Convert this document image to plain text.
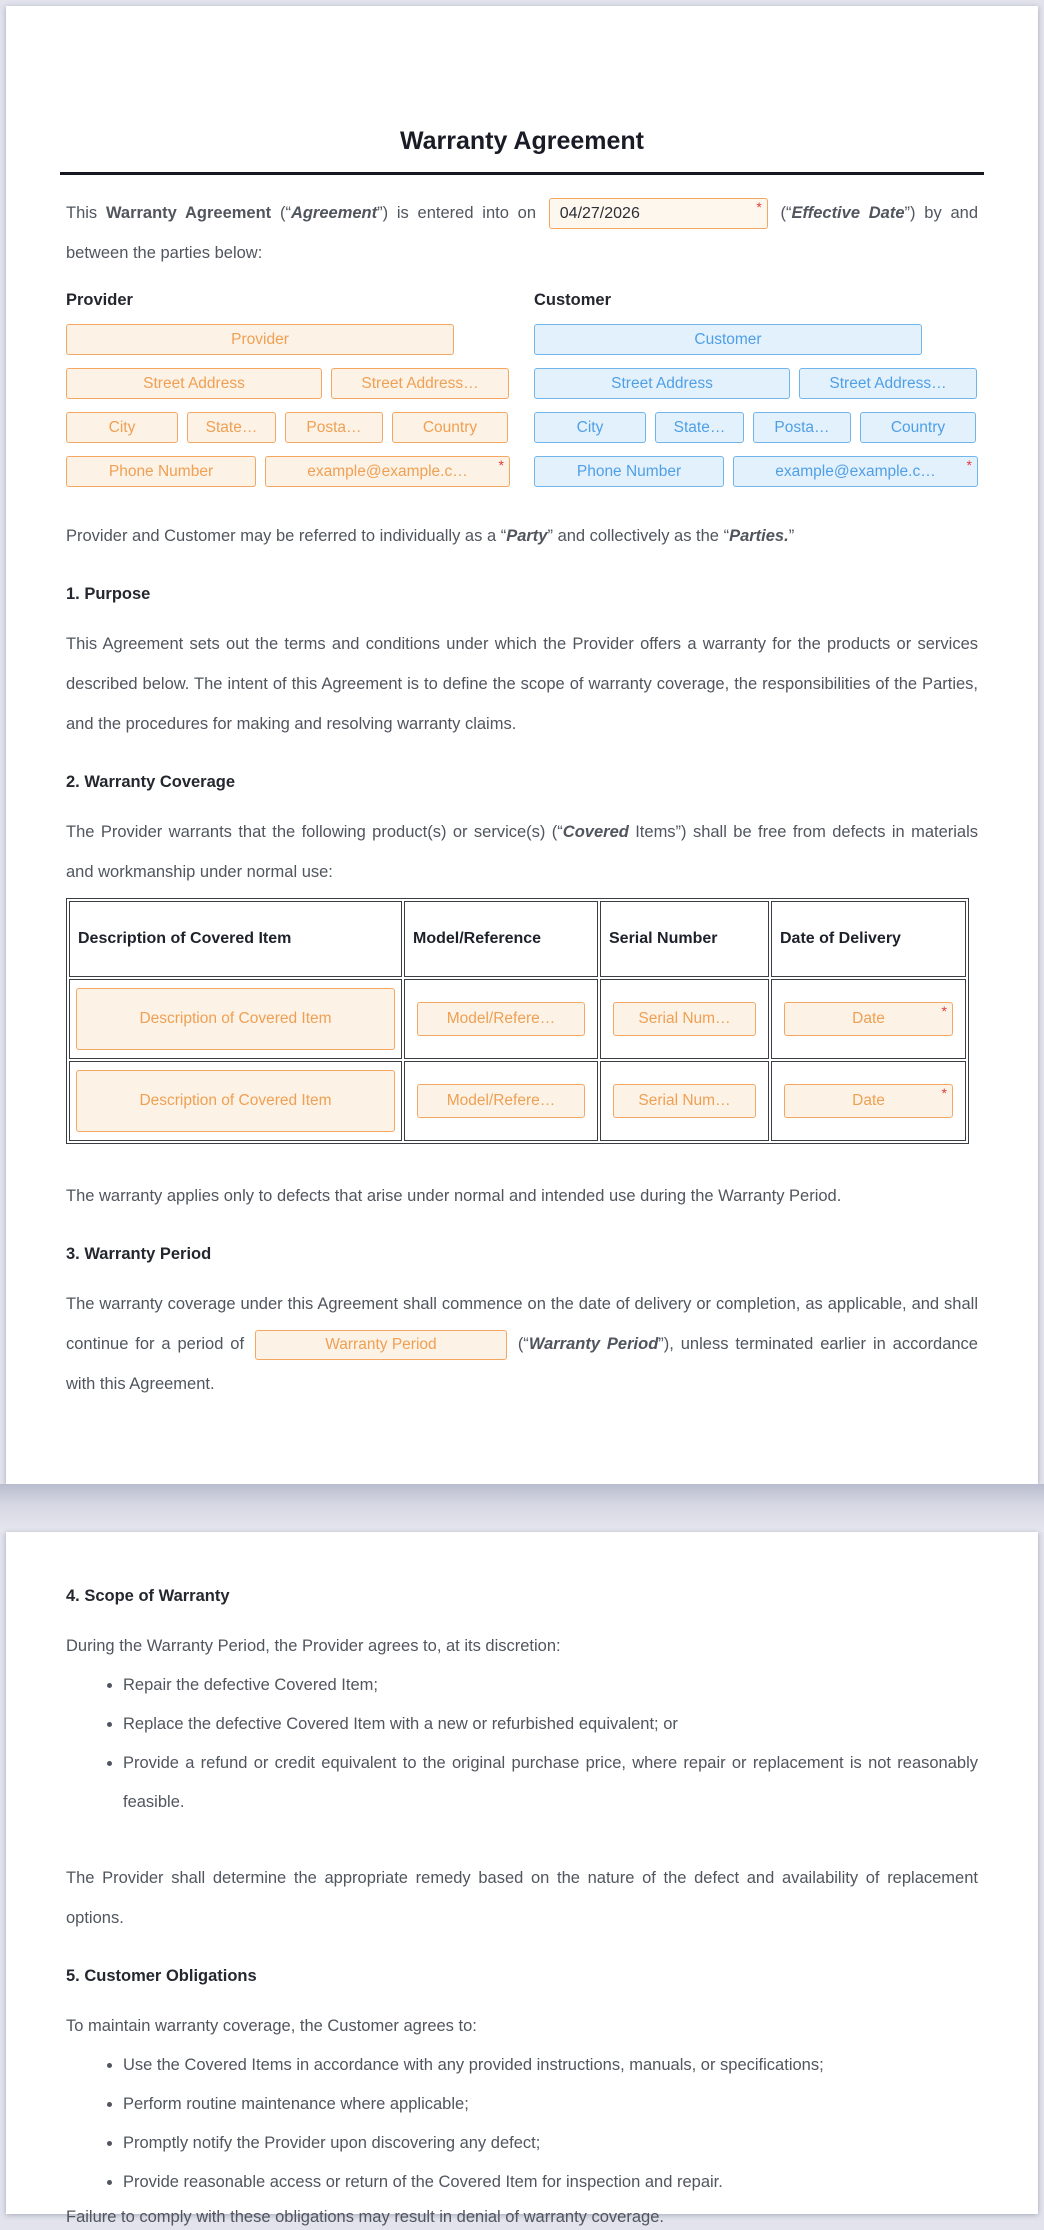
Warranty Agreement

This Warranty Agreement (“Agreement”) is entered into on 04/27/2026	* (“Effective Date”) by and between the parties below:

Provider
Provider
Street Address	Street Address…
City	State…	Posta…	Country
Phone Number	example@example.c… *
Customer
Customer
Street Address	Street Address…
City	State…	Posta…	Country
Phone Number	example@example.c… *

Provider and Customer may be referred to individually as a “Party” and collectively as the “Parties.”

1. Purpose

This Agreement sets out the terms and conditions under which the Provider offers a warranty for the products or services described below. The intent of this Agreement is to define the scope of warranty coverage, the responsibilities of the Parties, and the procedures for making and resolving warranty claims.

2. Warranty Coverage

The Provider warrants that the following product(s) or service(s) (“Covered Items”) shall be free from defects in materials and workmanship under normal use:

Description of Covered Item	Model/Reference	Serial Number	Date of Delivery

Description of Covered Item	Model/Refere…	Serial Num…	Date *

Description of Covered Item	Model/Refere…	Serial Num…	Date *

The warranty applies only to defects that arise under normal and intended use during the Warranty Period.

3. Warranty Period

The warranty coverage under this Agreement shall commence on the date of delivery or completion, as applicable, and shall continue for a period of	Warranty Period	(“Warranty Period”), unless terminated earlier in accordance with this Agreement.

4. Scope of Warranty

During the Warranty Period, the Provider agrees to, at its discretion:

• Repair the defective Covered Item;
• Replace the defective Covered Item with a new or refurbished equivalent; or
• Provide a refund or credit equivalent to the original purchase price, where repair or replacement is not reasonably feasible.

The Provider shall determine the appropriate remedy based on the nature of the defect and availability of replacement options.

5. Customer Obligations

To maintain warranty coverage, the Customer agrees to:

• Use the Covered Items in accordance with any provided instructions, manuals, or specifications;
• Perform routine maintenance where applicable;
• Promptly notify the Provider upon discovering any defect;
• Provide reasonable access or return of the Covered Item for inspection and repair.

Failure to comply with these obligations may result in denial of warranty coverage.
